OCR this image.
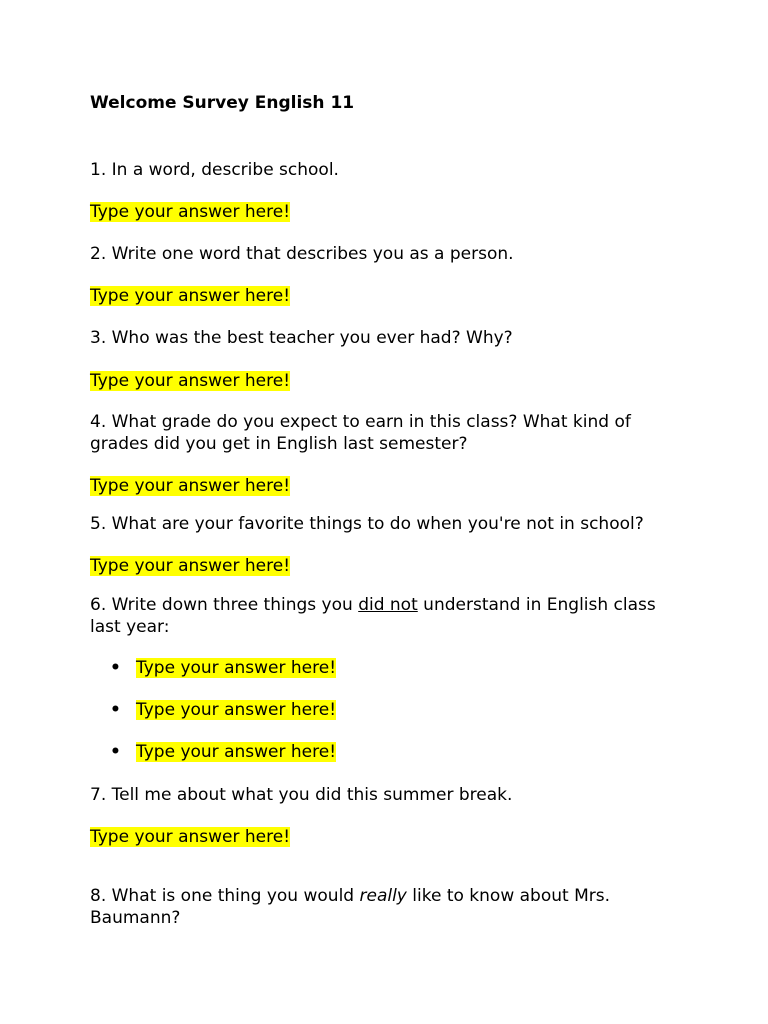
Welcome Survey English 11

1. In a word, describe school.

Type your answer here!

2. Write one word that describes you as a person.

Type your answer here!

3. Who was the best teacher you ever had? Why?

Type your answer here!

4. What grade do you expect to earn in this class? What kind of grades did you get in English last semester?

Type your answer here!

5. What are your favorite things to do when you're not in school?

Type your answer here!

6. Write down three things you did not understand in English class last year:

• Type your answer here!

• Type your answer here!

• Type your answer here!

7. Tell me about what you did this summer break.

Type your answer here!

8. What is one thing you would really like to know about Mrs. Baumann?
